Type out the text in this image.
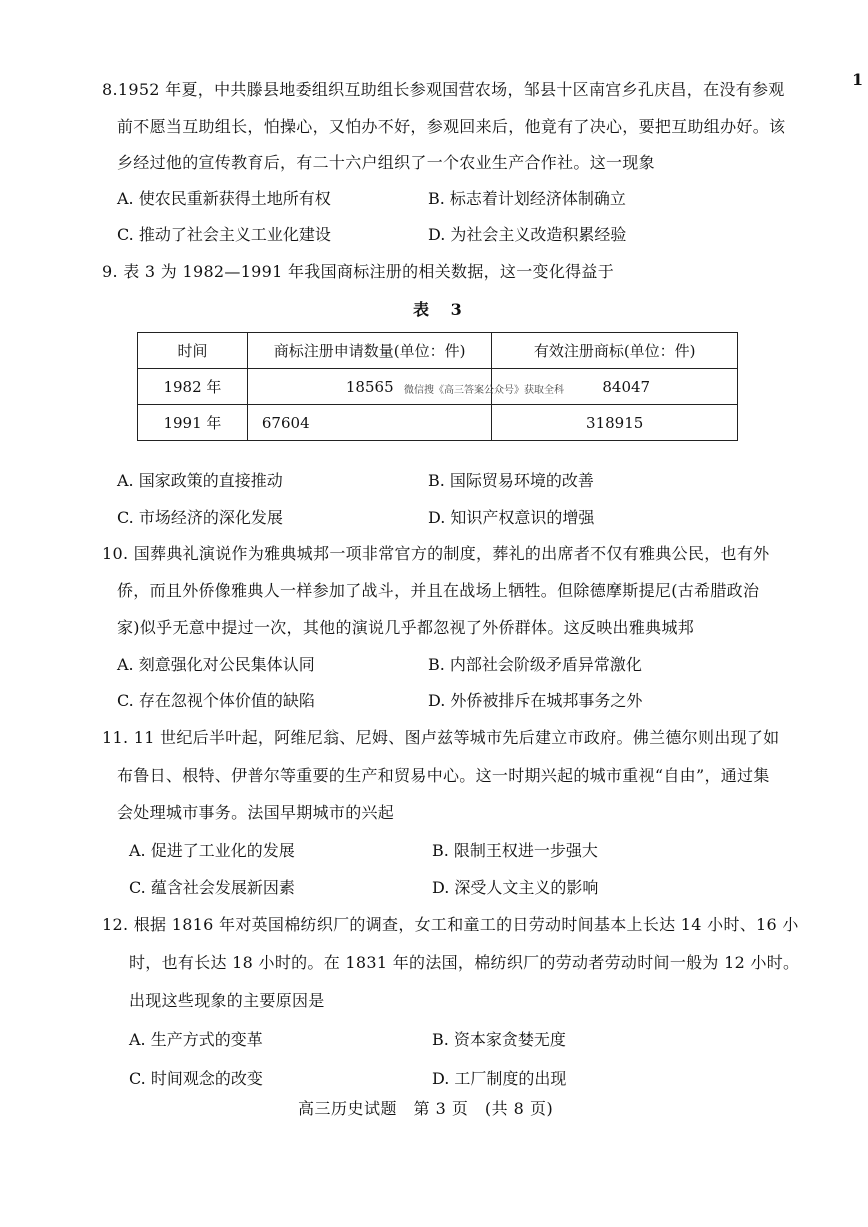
1
8.1952 年夏，中共滕县地委组织互助组长参观国营农场，邹县十区南宫乡孔庆昌，在没有参观
前不愿当互助组长，怕操心，又怕办不好，参观回来后，他竟有了决心，要把互助组办好。该
乡经过他的宣传教育后，有二十六户组织了一个农业生产合作社。这一现象
A. 使农民重新获得土地所有权	B. 标志着计划经济体制确立
C. 推动了社会主义工业化建设	D. 为社会主义改造积累经验
9. 表 3 为 1982—1991 年我国商标注册的相关数据，这一变化得益于
表 3
时间	商标注册申请数量(单位：件)	有效注册商标(单位：件)
1982 年	18565	84047
1991 年	67604	318915
微信搜《高三答案公众号》获取全科
A. 国家政策的直接推动	B. 国际贸易环境的改善
C. 市场经济的深化发展	D. 知识产权意识的增强
10. 国葬典礼演说作为雅典城邦一项非常官方的制度，葬礼的出席者不仅有雅典公民，也有外
侨，而且外侨像雅典人一样参加了战斗，并且在战场上牺牲。但除德摩斯提尼(古希腊政治
家)似乎无意中提过一次，其他的演说几乎都忽视了外侨群体。这反映出雅典城邦
A. 刻意强化对公民集体认同	B. 内部社会阶级矛盾异常激化
C. 存在忽视个体价值的缺陷	D. 外侨被排斥在城邦事务之外
11. 11 世纪后半叶起，阿维尼翁、尼姆、图卢兹等城市先后建立市政府。佛兰德尔则出现了如
布鲁日、根特、伊普尔等重要的生产和贸易中心。这一时期兴起的城市重视“自由”，通过集
会处理城市事务。法国早期城市的兴起
A. 促进了工业化的发展	B. 限制王权进一步强大
C. 蕴含社会发展新因素	D. 深受人文主义的影响
12. 根据 1816 年对英国棉纺织厂的调查，女工和童工的日劳动时间基本上长达 14 小时、16 小
时，也有长达 18 小时的。在 1831 年的法国，棉纺织厂的劳动者劳动时间一般为 12 小时。
出现这些现象的主要原因是
A. 生产方式的变革	B. 资本家贪婪无度
C. 时间观念的改变	D. 工厂制度的出现
高三历史试题　第 3 页　(共 8 页)
